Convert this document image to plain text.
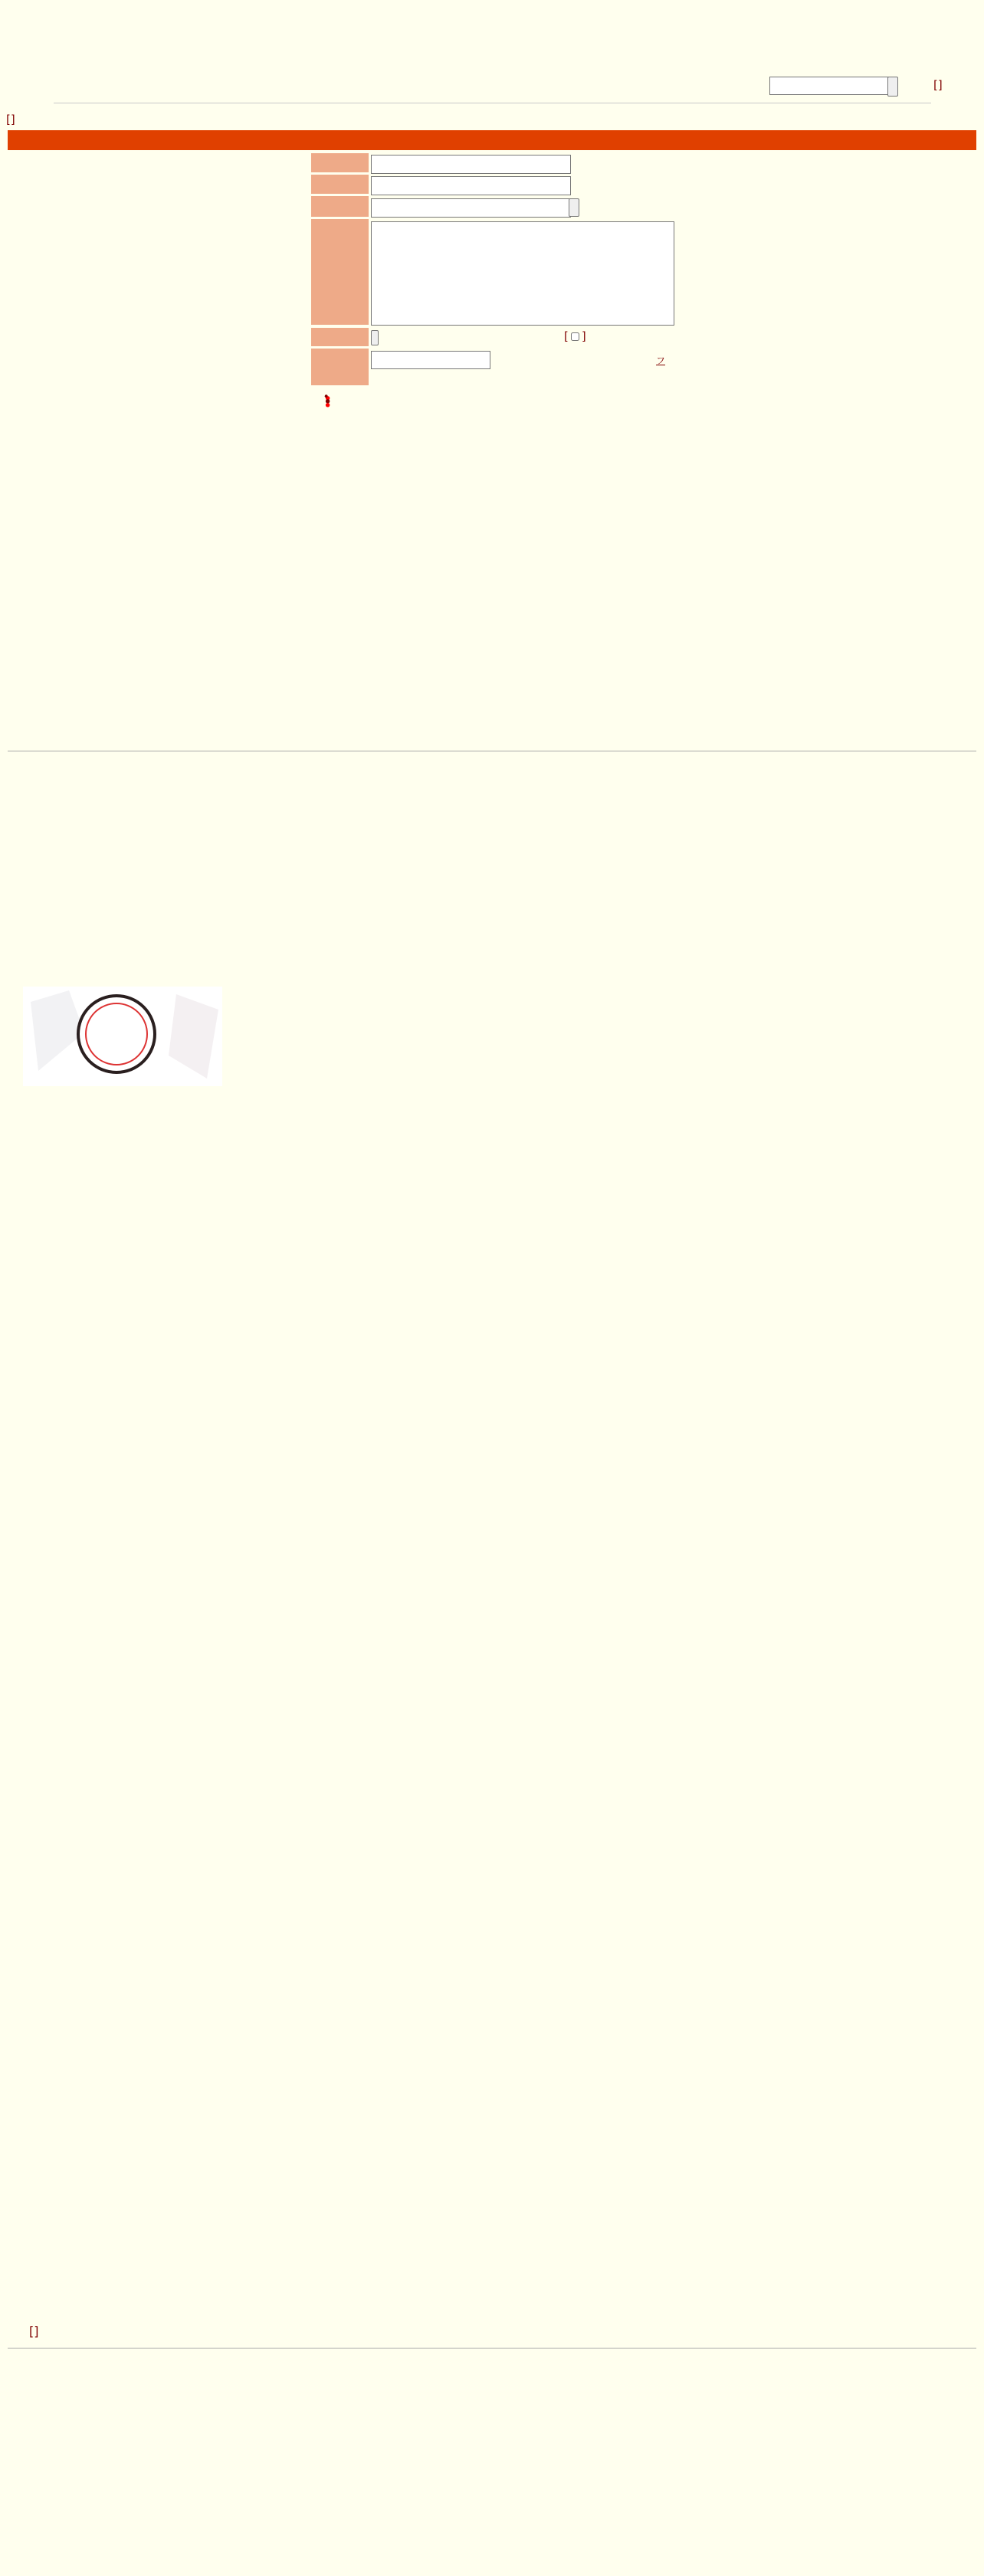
[]
[]
[ ]
フ
[]
